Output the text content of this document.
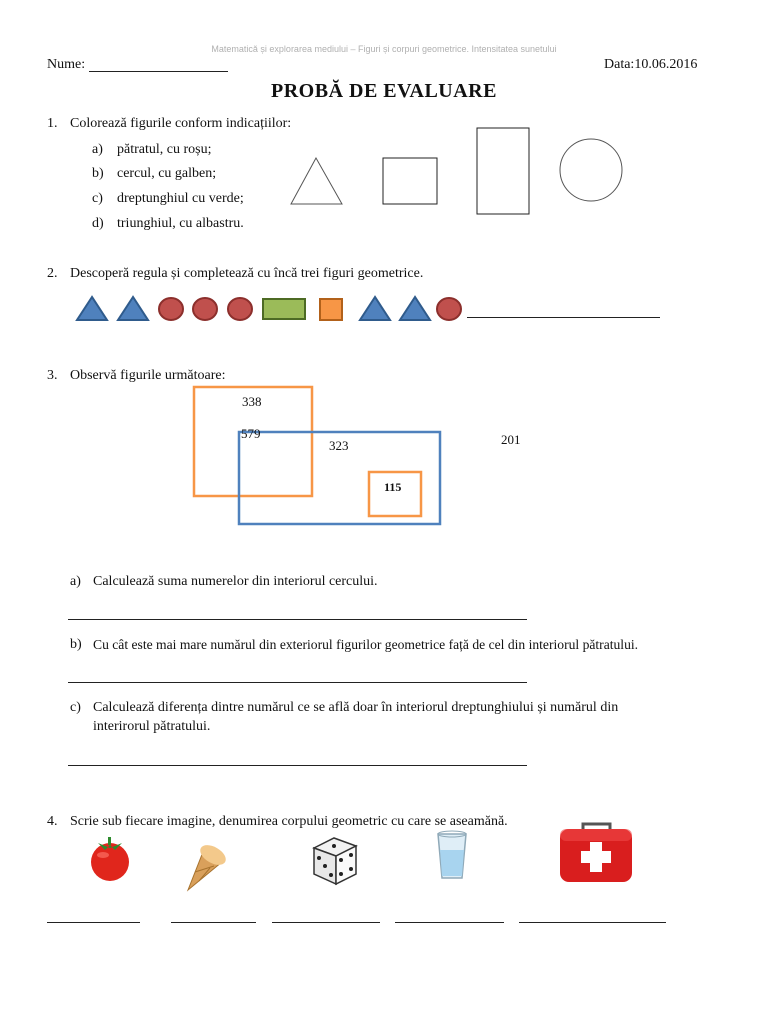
Matematică și explorarea mediului – Figuri și corpuri geometrice. Intensitatea sunetului
Nume:	Data:10.06.2016
PROBĂ DE EVALUARE
1. Colorează figurile conform indicațiilor:
a) pătratul, cu roșu;
b) cercul, cu galben;
c) dreptunghiul cu verde;
d) triunghiul, cu albastru.
2. Descoperă regula și completează cu încă trei figuri geometrice.
3. Observă figurile următoare:
338
579
323
115
201
a) Calculează suma numerelor din interiorul cercului.
b) Cu cât este mai mare numărul din exteriorul figurilor geometrice față de cel din interiorul pătratului.
c) Calculează diferența dintre numărul ce se află doar în interiorul dreptunghiului și numărul din
interirorul pătratului.
4. Scrie sub fiecare imagine, denumirea corpului geometric cu care se aseamănă.
